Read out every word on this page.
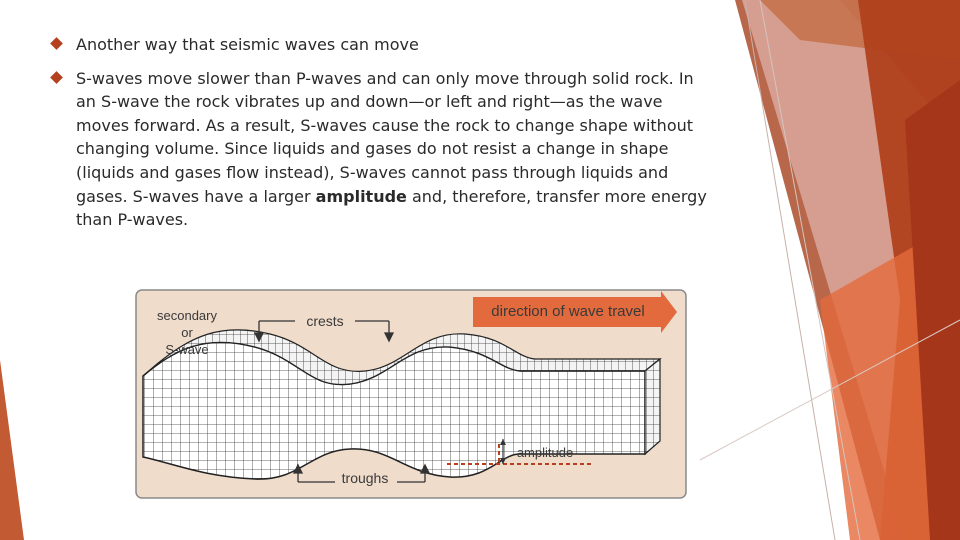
Another way that seismic waves can move
S-waves move slower than P-waves and can only move through solid rock. In an S-wave the rock vibrates up and down—or left and right—as the wave moves forward. As a result, S-waves cause the rock to change shape without changing volume. Since liquids and gases do not resist a change in shape (liquids and gases flow instead), S-waves cannot pass through liquids and gases. S-waves have a larger amplitude and, therefore, transfer more energy than P-waves.
secondary
or
S-wave
crests
direction of wave travel
troughs
amplitude
